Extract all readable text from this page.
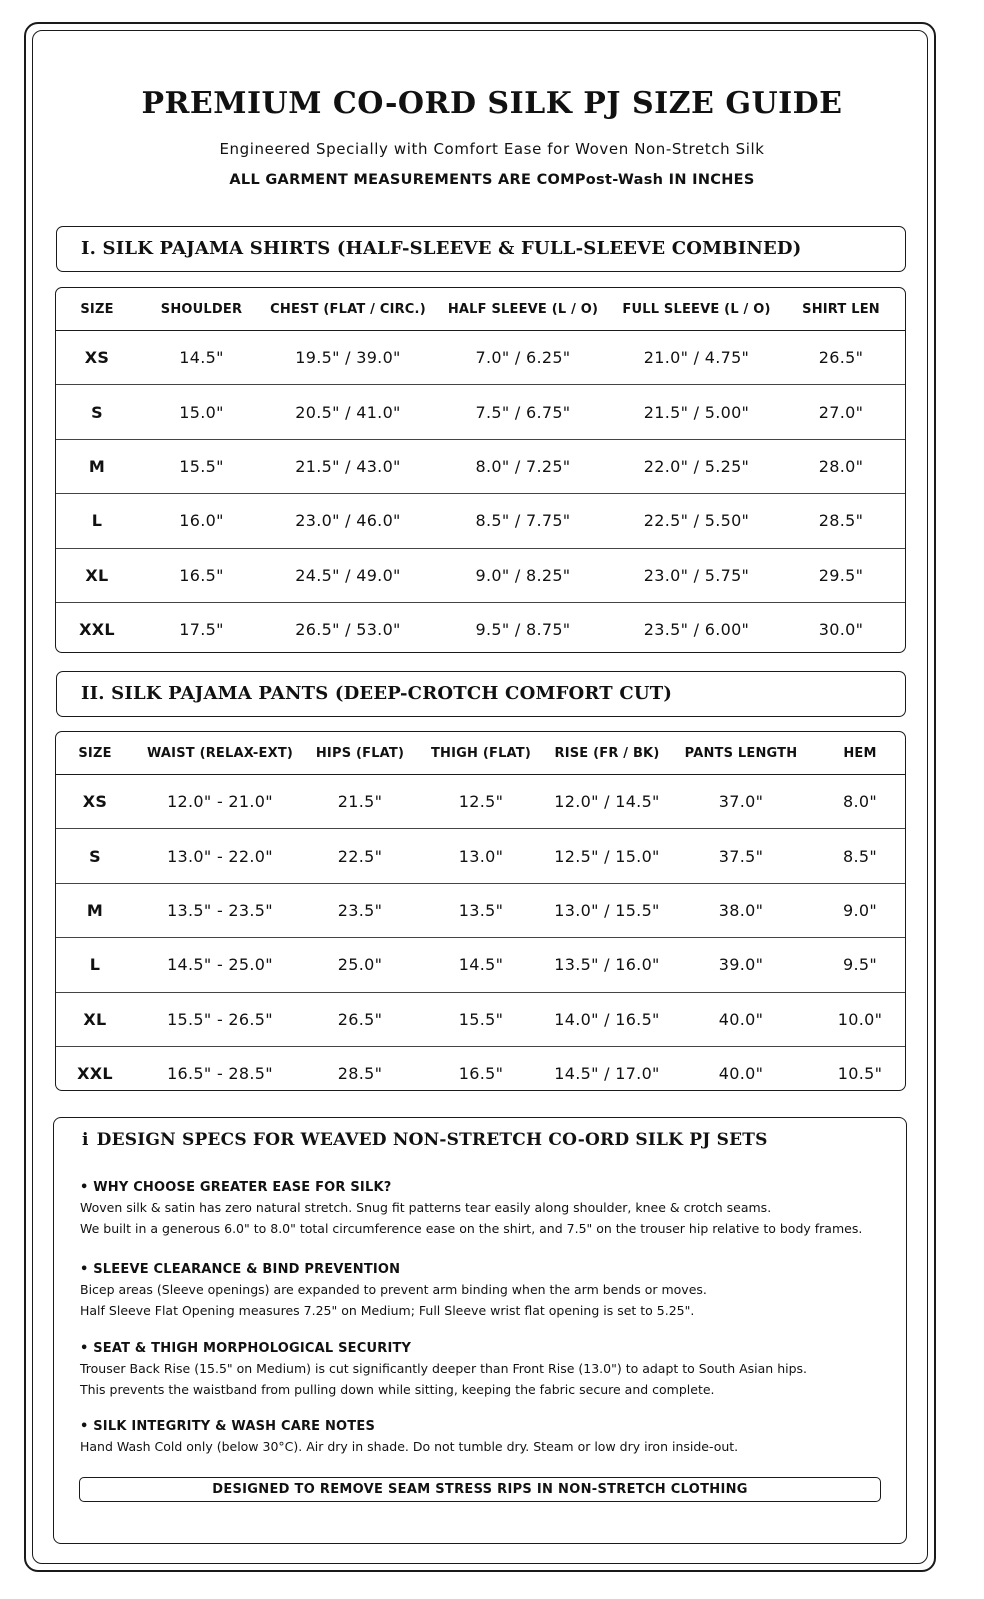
PREMIUM CO-ORD SILK PJ SIZE GUIDE
Engineered Specially with Comfort Ease for Woven Non-Stretch Silk
ALL GARMENT MEASUREMENTS ARE COMPost-Wash IN INCHES
I. SILK PAJAMA SHIRTS (HALF-SLEEVE & FULL-SLEEVE COMBINED)
SIZE	SHOULDER	CHEST (FLAT / CIRC.)	HALF SLEEVE (L / O)	FULL SLEEVE (L / O)	SHIRT LEN
XS	14.5"	19.5" / 39.0"	7.0" / 6.25"	21.0" / 4.75"	26.5"
S	15.0"	20.5" / 41.0"	7.5" / 6.75"	21.5" / 5.00"	27.0"
M	15.5"	21.5" / 43.0"	8.0" / 7.25"	22.0" / 5.25"	28.0"
L	16.0"	23.0" / 46.0"	8.5" / 7.75"	22.5" / 5.50"	28.5"
XL	16.5"	24.5" / 49.0"	9.0" / 8.25"	23.0" / 5.75"	29.5"
XXL	17.5"	26.5" / 53.0"	9.5" / 8.75"	23.5" / 6.00"	30.0"
II. SILK PAJAMA PANTS (DEEP-CROTCH COMFORT CUT)
SIZE	WAIST (RELAX-EXT)	HIPS (FLAT)	THIGH (FLAT)	RISE (FR / BK)	PANTS LENGTH	HEM
XS	12.0" - 21.0"	21.5"	12.5"	12.0" / 14.5"	37.0"	8.0"
S	13.0" - 22.0"	22.5"	13.0"	12.5" / 15.0"	37.5"	8.5"
M	13.5" - 23.5"	23.5"	13.5"	13.0" / 15.5"	38.0"	9.0"
L	14.5" - 25.0"	25.0"	14.5"	13.5" / 16.0"	39.0"	9.5"
XL	15.5" - 26.5"	26.5"	15.5"	14.0" / 16.5"	40.0"	10.0"
XXL	16.5" - 28.5"	28.5"	16.5"	14.5" / 17.0"	40.0"	10.5"
i DESIGN SPECS FOR WEAVED NON-STRETCH CO-ORD SILK PJ SETS
• WHY CHOOSE GREATER EASE FOR SILK?
Woven silk & satin has zero natural stretch. Snug fit patterns tear easily along shoulder, knee & crotch seams.
We built in a generous 6.0" to 8.0" total circumference ease on the shirt, and 7.5" on the trouser hip relative to body frames.
• SLEEVE CLEARANCE & BIND PREVENTION
Bicep areas (Sleeve openings) are expanded to prevent arm binding when the arm bends or moves.
Half Sleeve Flat Opening measures 7.25" on Medium; Full Sleeve wrist flat opening is set to 5.25".
• SEAT & THIGH MORPHOLOGICAL SECURITY
Trouser Back Rise (15.5" on Medium) is cut significantly deeper than Front Rise (13.0") to adapt to South Asian hips.
This prevents the waistband from pulling down while sitting, keeping the fabric secure and complete.
• SILK INTEGRITY & WASH CARE NOTES
Hand Wash Cold only (below 30°C). Air dry in shade. Do not tumble dry. Steam or low dry iron inside-out.
DESIGNED TO REMOVE SEAM STRESS RIPS IN NON-STRETCH CLOTHING
